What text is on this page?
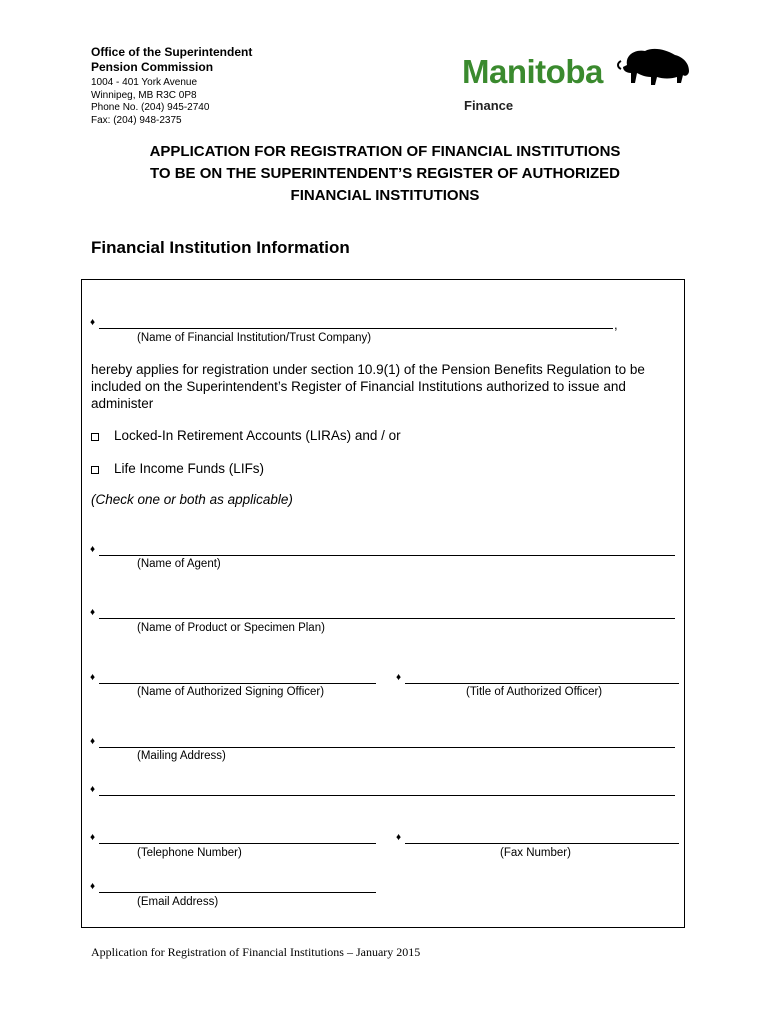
Office of the Superintendent
Pension Commission
1004 - 401 York Avenue
Winnipeg, MB R3C 0P8
Phone No. (204) 945-2740
Fax: (204) 948-2375
Manitoba
Finance
APPLICATION FOR REGISTRATION OF FINANCIAL INSTITUTIONS
TO BE ON THE SUPERINTENDENT’S REGISTER OF AUTHORIZED
FINANCIAL INSTITUTIONS
Financial Institution Information
♦	,
(Name of Financial Institution/Trust Company)
hereby applies for registration under section 10.9(1) of the Pension Benefits Regulation to be
included on the Superintendent’s Register of Financial Institutions authorized to issue and
administer
Locked-In Retirement Accounts (LIRAs) and / or
Life Income Funds (LIFs)
(Check one or both as applicable)
♦
(Name of Agent)
♦
(Name of Product or Specimen Plan)
♦
(Name of Authorized Signing Officer)
♦
(Title of Authorized Officer)
♦
(Mailing Address)
♦
♦
(Telephone Number)
♦
(Fax Number)
♦
(Email Address)
Application for Registration of Financial Institutions – January 2015
